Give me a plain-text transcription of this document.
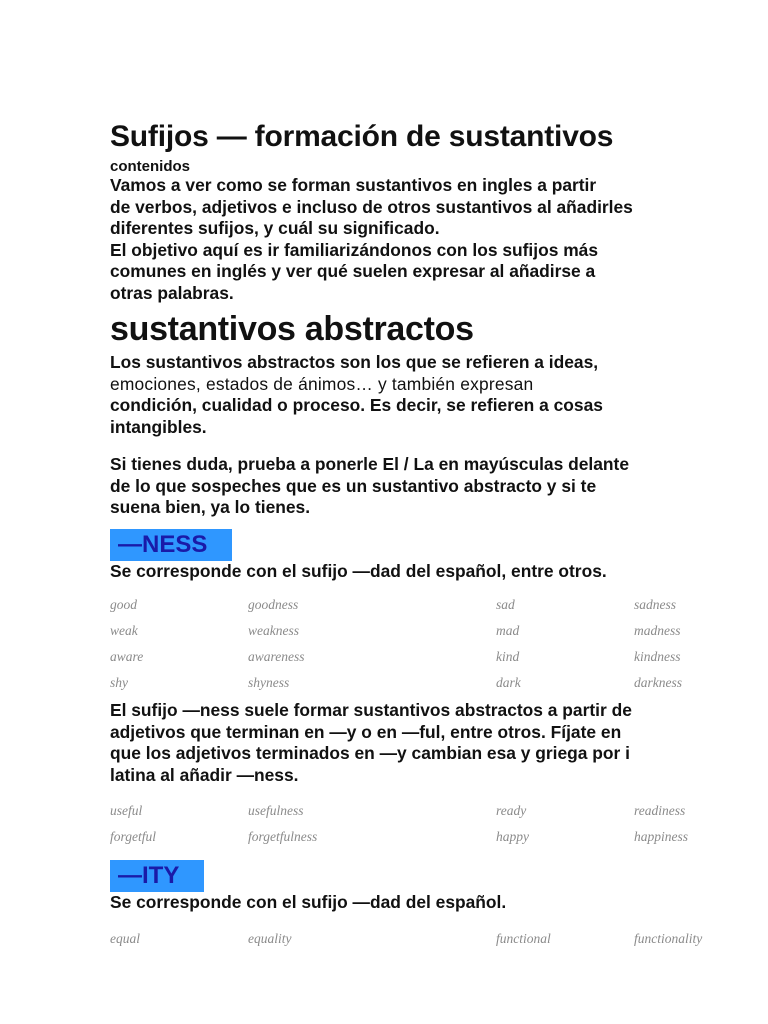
Sufijos — formación de sustantivos
contenidos

Vamos a ver como se forman sustantivos en ingles a partir
de verbos, adjetivos e incluso de otros sustantivos al añadirles
diferentes sufijos, y cuál su significado.
El objetivo aquí es ir familiarizándonos con los sufijos más
comunes en inglés y ver qué suelen expresar al añadirse a
otras palabras.

sustantivos abstractos

Los sustantivos abstractos son los que se refieren a ideas,
emociones, estados de ánimos… y también expresan
condición, cualidad o proceso. Es decir, se refieren a cosas
intangibles.

Si tienes duda, prueba a ponerle El / La en mayúsculas delante
de lo que sospeches que es un sustantivo abstracto y si te
suena bien, ya lo tienes.

—NESS

Se corresponde con el sufijo —dad del español, entre otros.

good	goodness	sad	sadness
weak	weakness	mad	madness
aware	awareness	kind	kindness
shy	shyness	dark	darkness

El sufijo —ness suele formar sustantivos abstractos a partir de
adjetivos que terminan en —y o en —ful, entre otros. Fíjate en
que los adjetivos terminados en —y cambian esa y griega por i
latina al añadir —ness.

useful	usefulness	ready	readiness
forgetful	forgetfulness	happy	happiness
—ITY

Se corresponde con el sufijo —dad del español.

equal	equality	functional	functionality
